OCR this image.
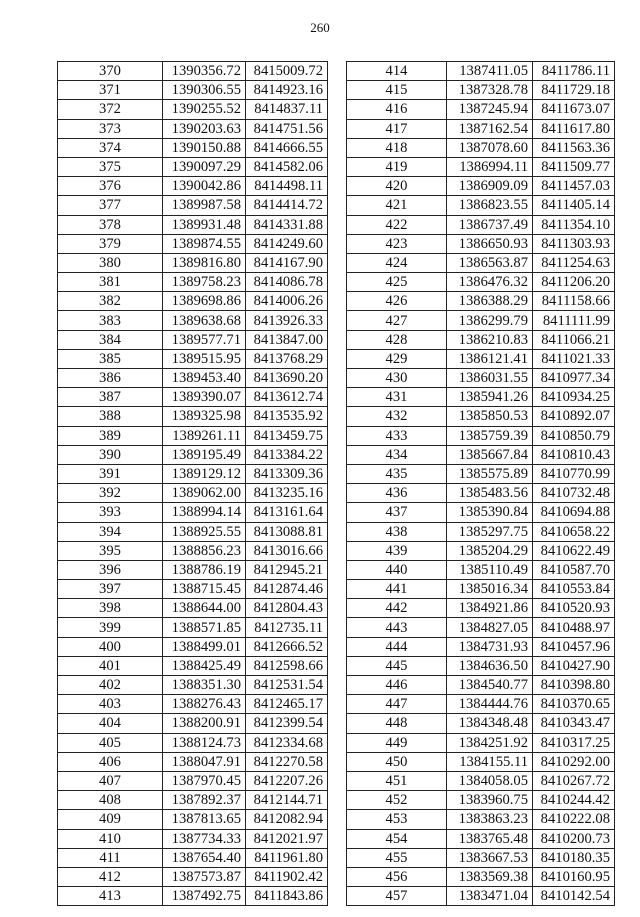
260
370	1390356.72	8415009.72
371	1390306.55	8414923.16
372	1390255.52	8414837.11
373	1390203.63	8414751.56
374	1390150.88	8414666.55
375	1390097.29	8414582.06
376	1390042.86	8414498.11
377	1389987.58	8414414.72
378	1389931.48	8414331.88
379	1389874.55	8414249.60
380	1389816.80	8414167.90
381	1389758.23	8414086.78
382	1389698.86	8414006.26
383	1389638.68	8413926.33
384	1389577.71	8413847.00
385	1389515.95	8413768.29
386	1389453.40	8413690.20
387	1389390.07	8413612.74
388	1389325.98	8413535.92
389	1389261.11	8413459.75
390	1389195.49	8413384.22
391	1389129.12	8413309.36
392	1389062.00	8413235.16
393	1388994.14	8413161.64
394	1388925.55	8413088.81
395	1388856.23	8413016.66
396	1388786.19	8412945.21
397	1388715.45	8412874.46
398	1388644.00	8412804.43
399	1388571.85	8412735.11
400	1388499.01	8412666.52
401	1388425.49	8412598.66
402	1388351.30	8412531.54
403	1388276.43	8412465.17
404	1388200.91	8412399.54
405	1388124.73	8412334.68
406	1388047.91	8412270.58
407	1387970.45	8412207.26
408	1387892.37	8412144.71
409	1387813.65	8412082.94
410	1387734.33	8412021.97
411	1387654.40	8411961.80
412	1387573.87	8411902.42
413	1387492.75	8411843.86
414	1387411.05	8411786.11
415	1387328.78	8411729.18
416	1387245.94	8411673.07
417	1387162.54	8411617.80
418	1387078.60	8411563.36
419	1386994.11	8411509.77
420	1386909.09	8411457.03
421	1386823.55	8411405.14
422	1386737.49	8411354.10
423	1386650.93	8411303.93
424	1386563.87	8411254.63
425	1386476.32	8411206.20
426	1386388.29	8411158.66
427	1386299.79	8411111.99
428	1386210.83	8411066.21
429	1386121.41	8411021.33
430	1386031.55	8410977.34
431	1385941.26	8410934.25
432	1385850.53	8410892.07
433	1385759.39	8410850.79
434	1385667.84	8410810.43
435	1385575.89	8410770.99
436	1385483.56	8410732.48
437	1385390.84	8410694.88
438	1385297.75	8410658.22
439	1385204.29	8410622.49
440	1385110.49	8410587.70
441	1385016.34	8410553.84
442	1384921.86	8410520.93
443	1384827.05	8410488.97
444	1384731.93	8410457.96
445	1384636.50	8410427.90
446	1384540.77	8410398.80
447	1384444.76	8410370.65
448	1384348.48	8410343.47
449	1384251.92	8410317.25
450	1384155.11	8410292.00
451	1384058.05	8410267.72
452	1383960.75	8410244.42
453	1383863.23	8410222.08
454	1383765.48	8410200.73
455	1383667.53	8410180.35
456	1383569.38	8410160.95
457	1383471.04	8410142.54
